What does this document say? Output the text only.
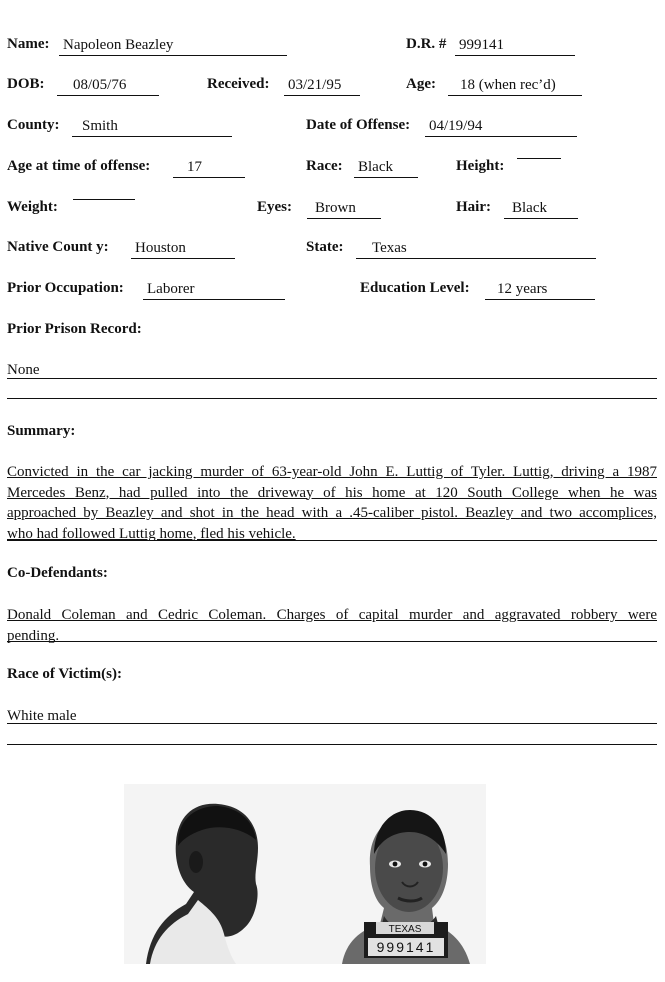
Name: Napoleon Beazley	D.R. # 999141
DOB:	08/05/76	Received: 03/21/95	Age:	18 (when rec’d)
County:	Smith	Date of Offense: 04/19/94
Age at time of offense:	17	Race: Black	Height:
Weight:	Eyes:	Brown	Hair:	Black
Native Count y: Houston	State:	Texas
Prior Occupation: Laborer	Education Level:	12 years
Prior Prison Record:

None

Summary:

Convicted in the car jacking murder of 63-year-old John E. Luttig of Tyler. Luttig, driving a 1987

Mercedes Benz, had pulled into the driveway of his home at 120 South College when he was

approached by Beazley and shot in the head with a .45-caliber pistol. Beazley and two accomplices,

who had followed Luttig home, fled his vehicle.

Co-Defendants:

Donald Coleman and Cedric Coleman. Charges of capital murder and aggravated robbery were

pending.

Race of Victim(s):

White male

TEXAS
999141
